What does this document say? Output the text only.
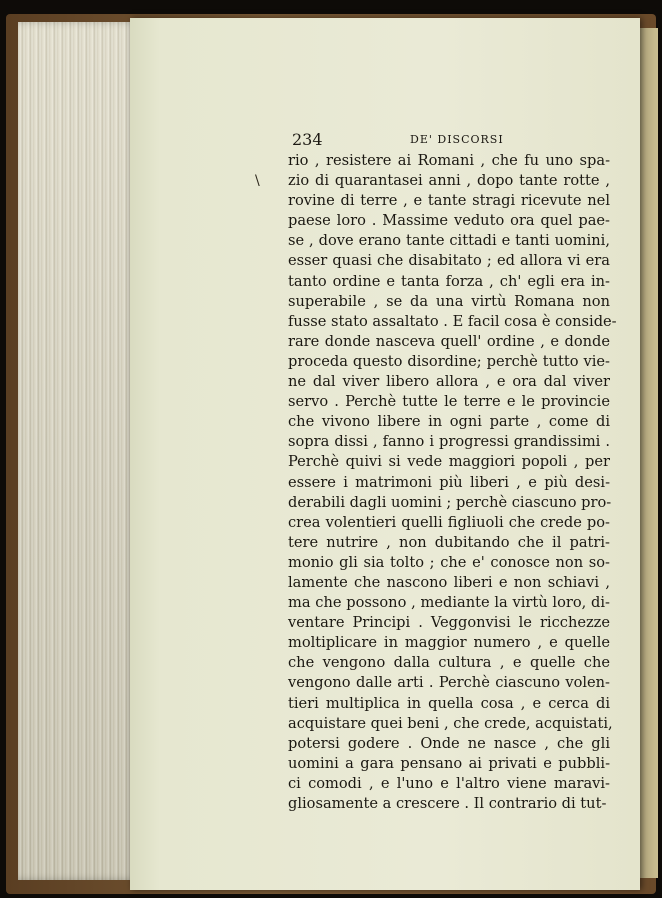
234	DE' DISCORSI
\
rio , resistere ai Romani , che fu uno spa-
zio di quarantasei anni , dopo tante rotte ,
rovine di terre , e tante stragi ricevute nel
paese loro . Massime veduto ora quel pae-
se , dove erano tante cittadi e tanti uomini,
esser quasi che disabitato ; ed allora vi era
tanto ordine e tanta forza , ch' egli era in-
superabile , se da una virtù Romana non
fusse stato assaltato . E facil cosa è conside-
rare donde nasceva quell' ordine , e donde
proceda questo disordine; perchè tutto vie-
ne dal viver libero allora , e ora dal viver
servo . Perchè tutte le terre e le provincie
che vivono libere in ogni parte , come di
sopra dissi , fanno i progressi grandissimi .
Perchè quivi si vede maggiori popoli , per
essere i matrimoni più liberi , e più desi-
derabili dagli uomini ; perchè ciascuno pro-
crea volentieri quelli figliuoli che crede po-
tere nutrire , non dubitando che il patri-
monio gli sia tolto ; che e' conosce non so-
lamente che nascono liberi e non schiavi ,
ma che possono , mediante la virtù loro, di-
ventare Principi . Veggonvisi le ricchezze
moltiplicare in maggior numero , e quelle
che vengono dalla cultura , e quelle che
vengono dalle arti . Perchè ciascuno volen-
tieri multiplica in quella cosa , e cerca di
acquistare quei beni , che crede, acquistati,
potersi godere . Onde ne nasce , che gli
uomini a gara pensano ai privati e pubbli-
ci comodi , e l'uno e l'altro viene maravi-
gliosamente a crescere . Il contrario di tut-
